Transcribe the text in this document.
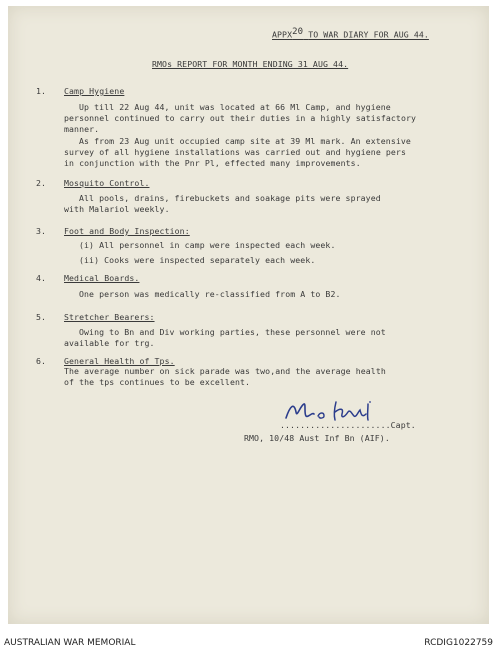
APPX$^{20}$ TO WAR DIARY FOR AUG 44.
RMOs REPORT FOR MONTH ENDING 31 AUG 44.
1. Camp Hygiene
Up till 22 Aug 44, unit was located at 66 Ml Camp, and hygiene
personnel continued to carry out their duties in a highly satisfactory
manner.
As from 23 Aug unit occupied camp site at 39 Ml mark. An extensive
survey of all hygiene installations was carried out and hygiene pers
in conjunction with the Pnr Pl, effected many improvements.
2. Mosquito Control.
All pools, drains, firebuckets and soakage pits were sprayed
with Malariol weekly.
3. Foot and Body Inspection:
(i) All personnel in camp were inspected each week.
(ii) Cooks were inspected separately each week.
4. Medical Boards.
One person was medically re-classified from A to B2.
5. Stretcher Bearers:
Owing to Bn and Div working parties, these personnel were not
available for trg.
6. General Health of Tps.
The average number on sick parade was two,and the average health
of the tps continues to be excellent.
......................Capt.
RMO, 10/48 Aust Inf Bn (AIF).
AUSTRALIAN WAR MEMORIAL	RCDIG1022759
